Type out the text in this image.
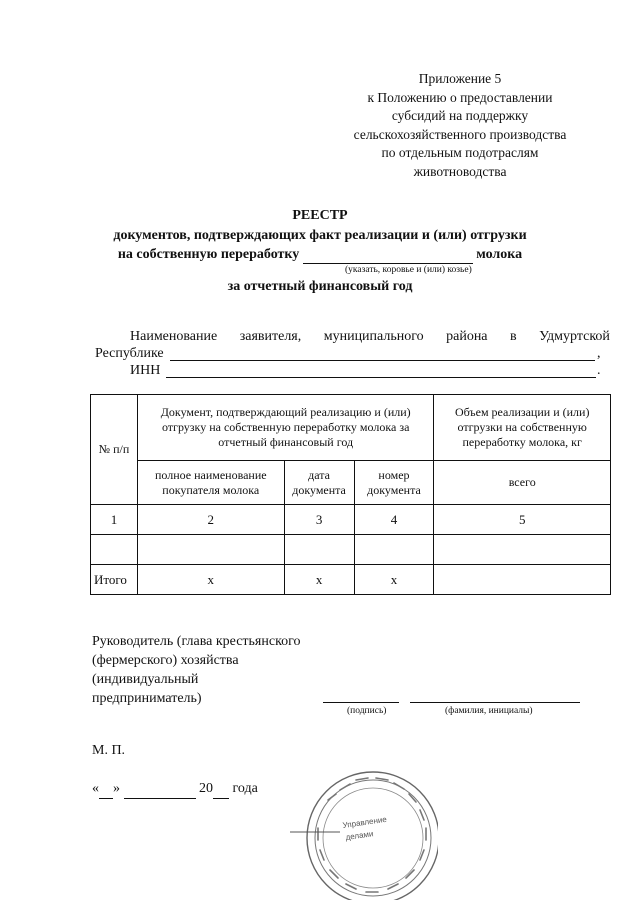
Приложение 5
к Положению о предоставлении
субсидий на поддержку
сельскохозяйственного производства
по отдельным подотраслям
животноводства
РЕЕСТР
документов, подтверждающих факт реализации и (или) отгрузки
на собственную переработку	молока
(указать, коровье и (или) козье)
за отчетный финансовый год
Наименование заявителя, муниципального района в Удмуртской
Республике	,
ИНН	.
№ п/п	Документ, подтверждающий реализацию и (или) отгрузку на собственную переработку молока за отчетный финансовый год			Объем реализации и (или) отгрузки на собственную переработку молока, кг
	полное наименование покупателя молока	дата документа	номер документа	всего
1	2	3	4	5

Итого	х	х	х	
Руководитель (глава крестьянского
(фермерского) хозяйства
(индивидуальный
предприниматель)
(подпись)	(фамилия, инициалы)
М. П.
« »	20 года
Управление
делами
